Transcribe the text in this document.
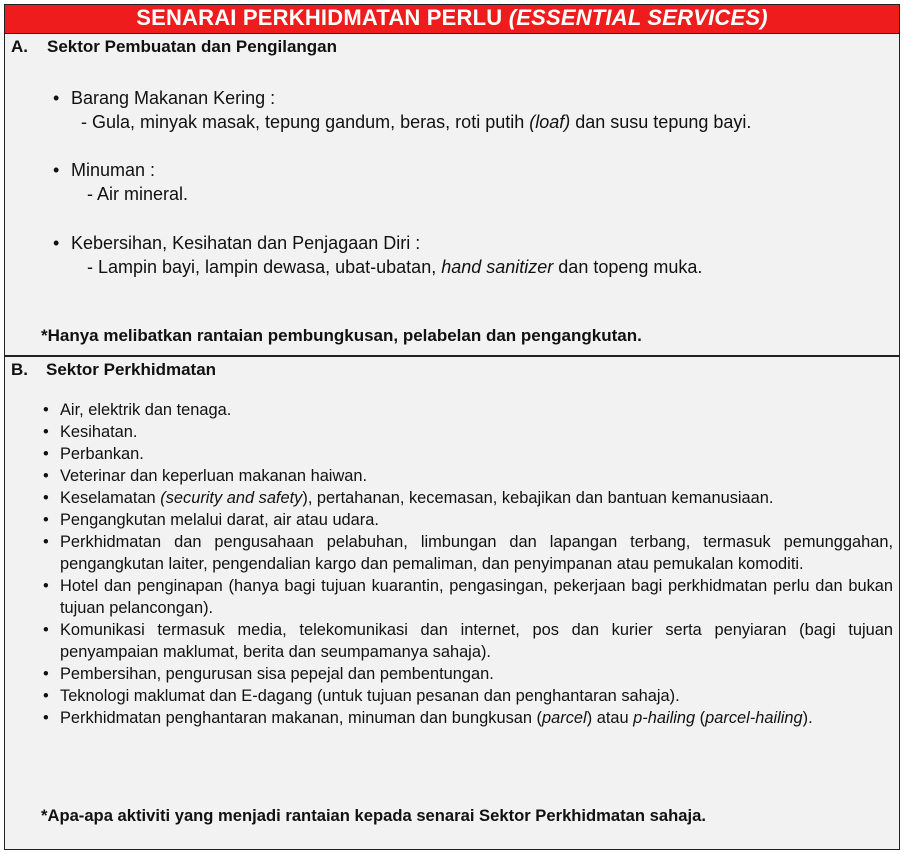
SENARAI PERKHIDMATAN PERLU (ESSENTIAL SERVICES)
A. Sektor Pembuatan dan Pengilangan
• Barang Makanan Kering :
- Gula, minyak masak, tepung gandum, beras, roti putih (loaf) dan susu tepung bayi.
• Minuman :
- Air mineral.
• Kebersihan, Kesihatan dan Penjagaan Diri :
- Lampin bayi, lampin dewasa, ubat-ubatan, hand sanitizer dan topeng muka.
*Hanya melibatkan rantaian pembungkusan, pelabelan dan pengangkutan.
B. Sektor Perkhidmatan
• Air, elektrik dan tenaga.
• Kesihatan.
• Perbankan.
• Veterinar dan keperluan makanan haiwan.
• Keselamatan (security and safety), pertahanan, kecemasan, kebajikan dan bantuan kemanusiaan.
• Pengangkutan melalui darat, air atau udara.
• Perkhidmatan dan pengusahaan pelabuhan, limbungan dan lapangan terbang, termasuk pemunggahan, pengangkutan laiter, pengendalian kargo dan pemaliman, dan penyimpanan atau pemukalan komoditi.
• Hotel dan penginapan (hanya bagi tujuan kuarantin, pengasingan, pekerjaan bagi perkhidmatan perlu dan bukan tujuan pelancongan).
• Komunikasi termasuk media, telekomunikasi dan internet, pos dan kurier serta penyiaran (bagi tujuan penyampaian maklumat, berita dan seumpamanya sahaja).
• Pembersihan, pengurusan sisa pepejal dan pembentungan.
• Teknologi maklumat dan E-dagang (untuk tujuan pesanan dan penghantaran sahaja).
• Perkhidmatan penghantaran makanan, minuman dan bungkusan (parcel) atau p-hailing (parcel-hailing).
*Apa-apa aktiviti yang menjadi rantaian kepada senarai Sektor Perkhidmatan sahaja.
